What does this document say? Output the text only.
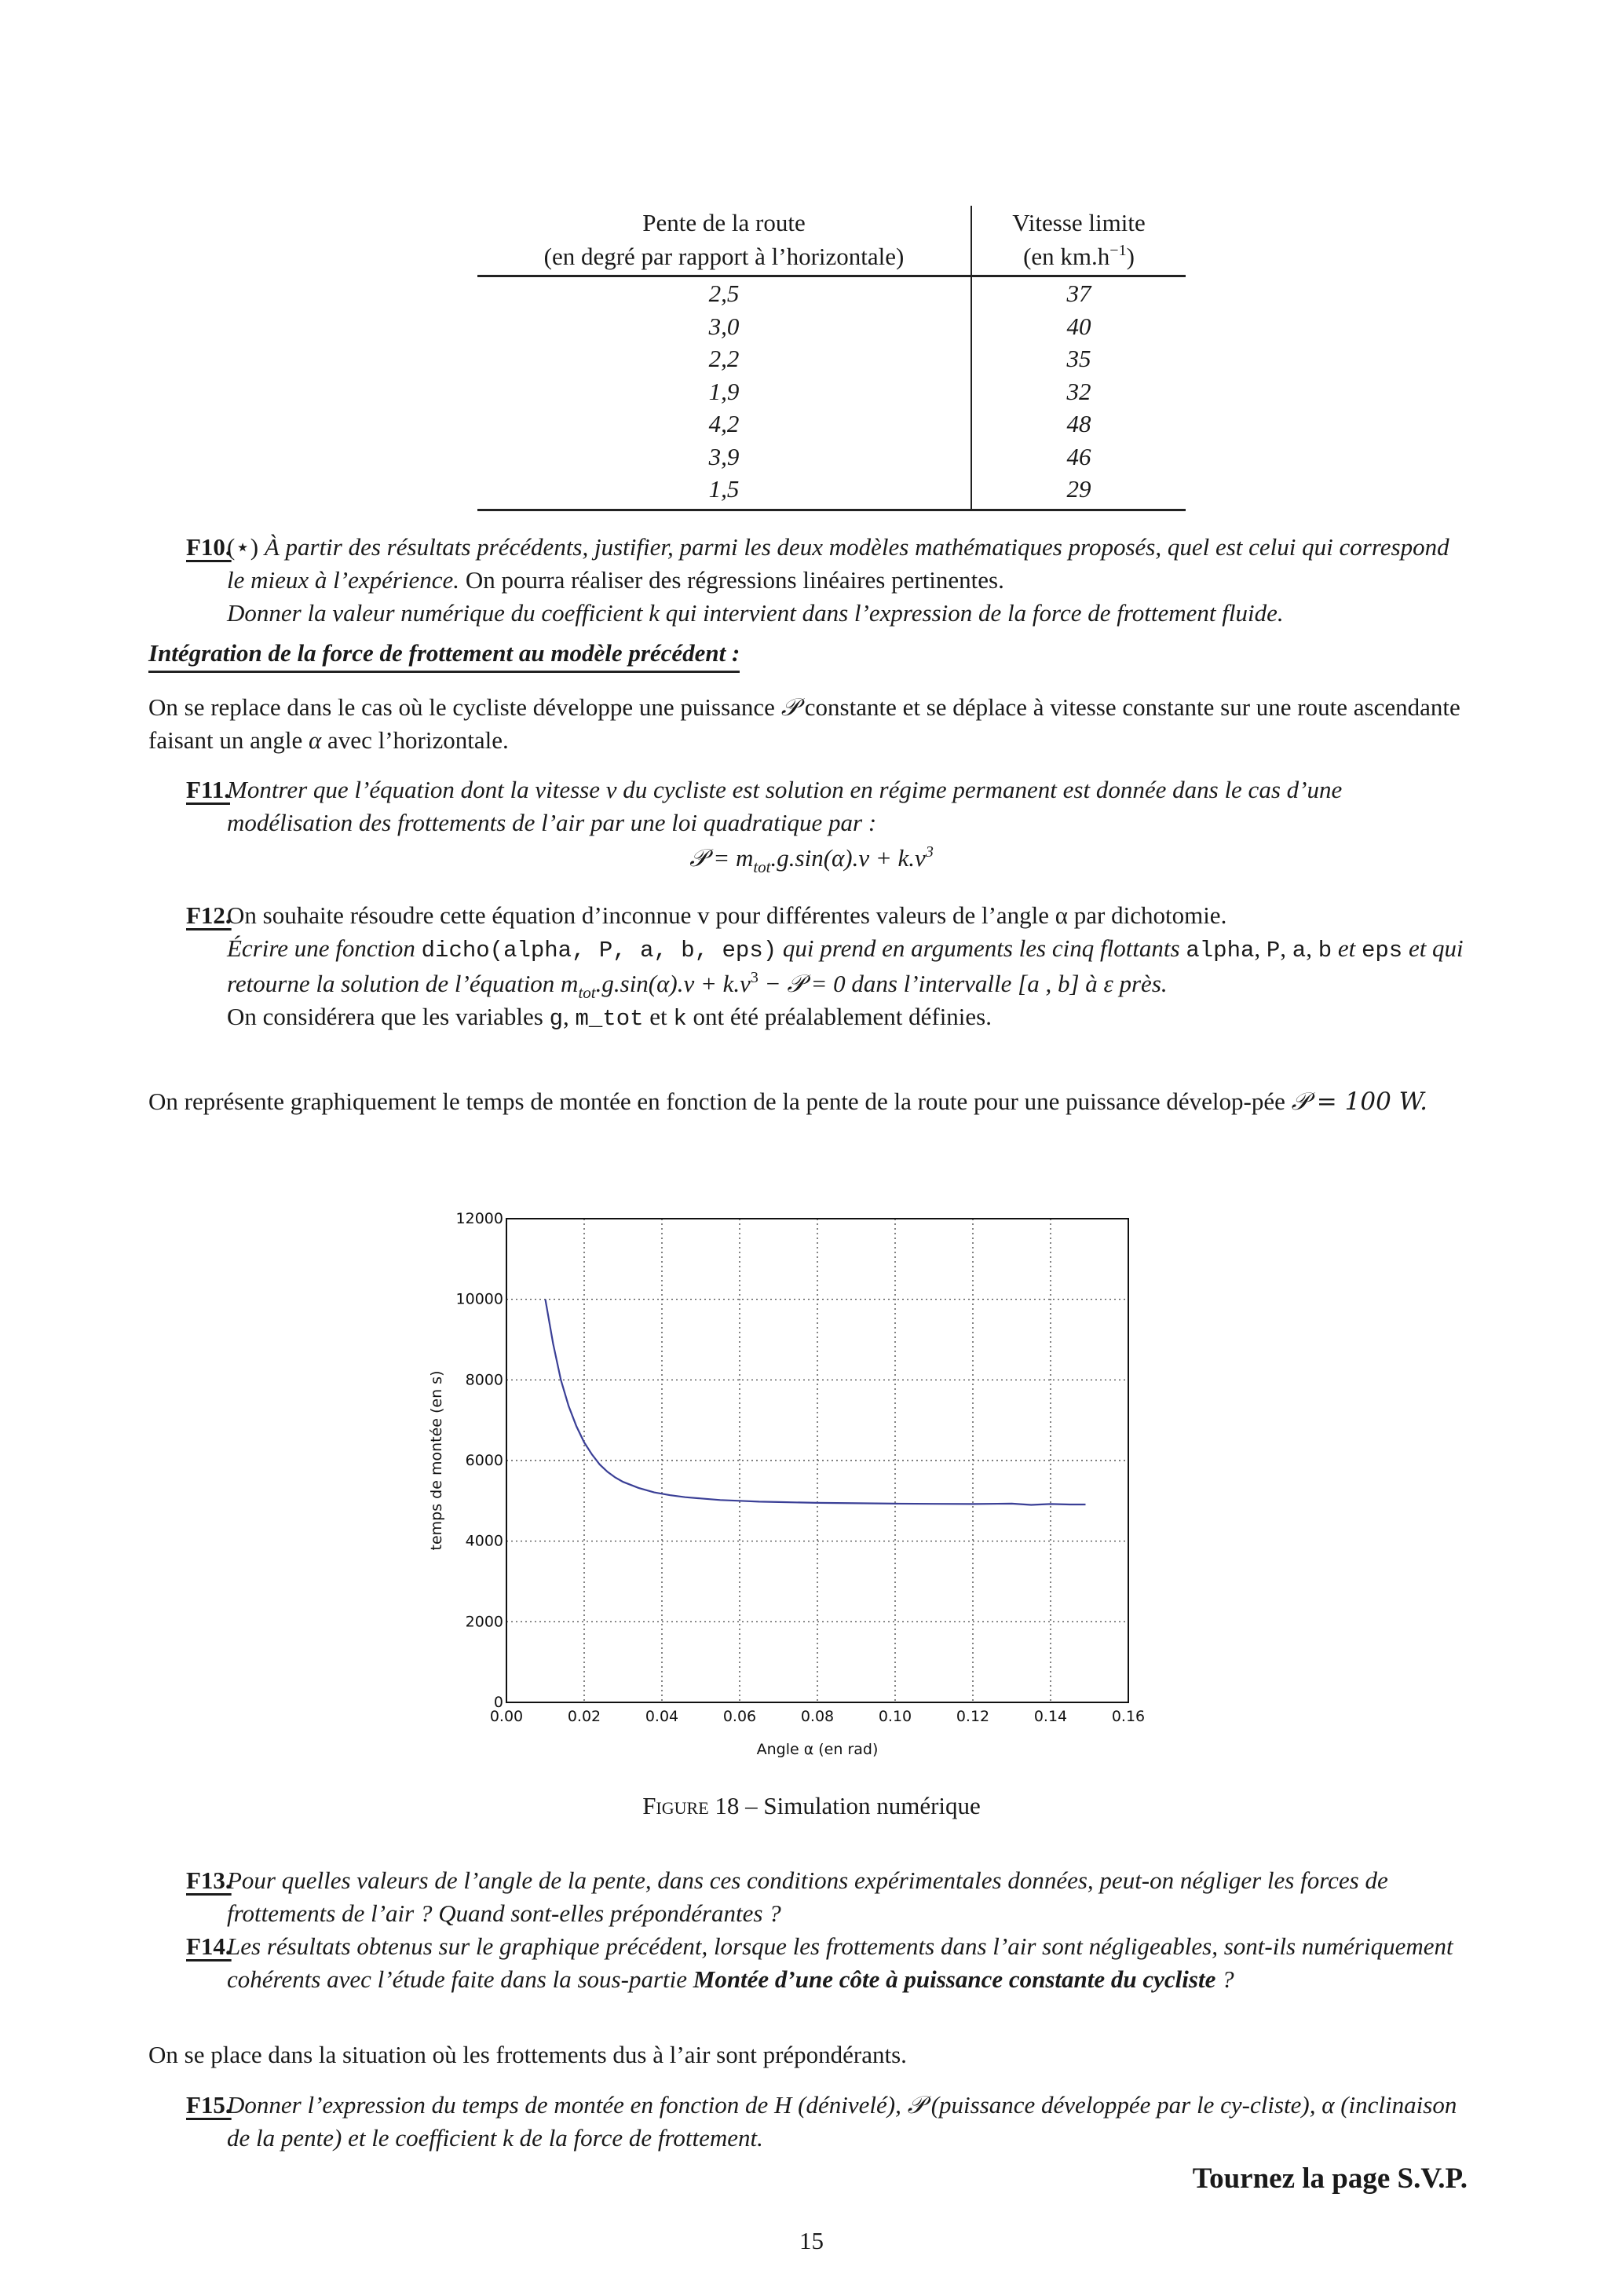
Pente de la route	Vitesse limite
(en degré par rapport à l’horizontale)	(en $km.h^{-1}$)
2,5	37
3,0	40
2,2	35
1,9	32
4,2	48
3,9	46
1,5	29
F10.
(⋆) À partir des résultats précédents, justifier, parmi les deux modèles mathématiques proposés, quel est celui qui correspond le mieux à l’expérience. On pourra réaliser des régressions linéaires pertinentes.
Donner la valeur numérique du coefficient k qui intervient dans l’expression de la force de frottement fluide.
Intégration de la force de frottement au modèle précédent :
On se replace dans le cas où le cycliste développe une puissance 𝒫 constante et se déplace à vitesse constante sur une route ascendante faisant un angle α avec l’horizontale.
F11.
Montrer que l’équation dont la vitesse v du cycliste est solution en régime permanent est donnée dans le cas d’une modélisation des frottements de l’air par une loi quadratique par :
𝒫 = $m_{tot}.g.\sin(\alpha).v + k.v^3$
F12.
On souhaite résoudre cette équation d’inconnue v pour différentes valeurs de l’angle α par dichotomie.
Écrire une fonction dicho(alpha, P, a, b, eps) qui prend en arguments les cinq flottants alpha, P, a, b et eps et qui retourne la solution de l’équation $m_{tot}.g.\sin(\alpha).v + k.v^3$ − 𝒫 = 0 dans l’intervalle [a , b] à ε près.
On considérera que les variables g, m_tot et k ont été préalablement définies.
On représente graphiquement le temps de montée en fonction de la pente de la route pour une puissance dévelop-pée 𝒫 = 100 W.
0.00	0.02	0.04	0.06	0.08	0.10	0.12	0.14	0.16
0
2000
4000
6000
8000
10000
12000
Angle α (en rad)
temps de montée (en s)
Figure 18 – Simulation numérique
F13.
Pour quelles valeurs de l’angle de la pente, dans ces conditions expérimentales données, peut-on négliger les forces de frottements de l’air ? Quand sont-elles prépondérantes ?
F14.
Les résultats obtenus sur le graphique précédent, lorsque les frottements dans l’air sont négligeables, sont-ils numériquement cohérents avec l’étude faite dans la sous-partie Montée d’une côte à puissance constante du cycliste ?
On se place dans la situation où les frottements dus à l’air sont prépondérants.
F15.
Donner l’expression du temps de montée en fonction de H (dénivelé), 𝒫 (puissance développée par le cy-cliste), α (inclinaison de la pente) et le coefficient k de la force de frottement.
Tournez la page S.V.P.
15
